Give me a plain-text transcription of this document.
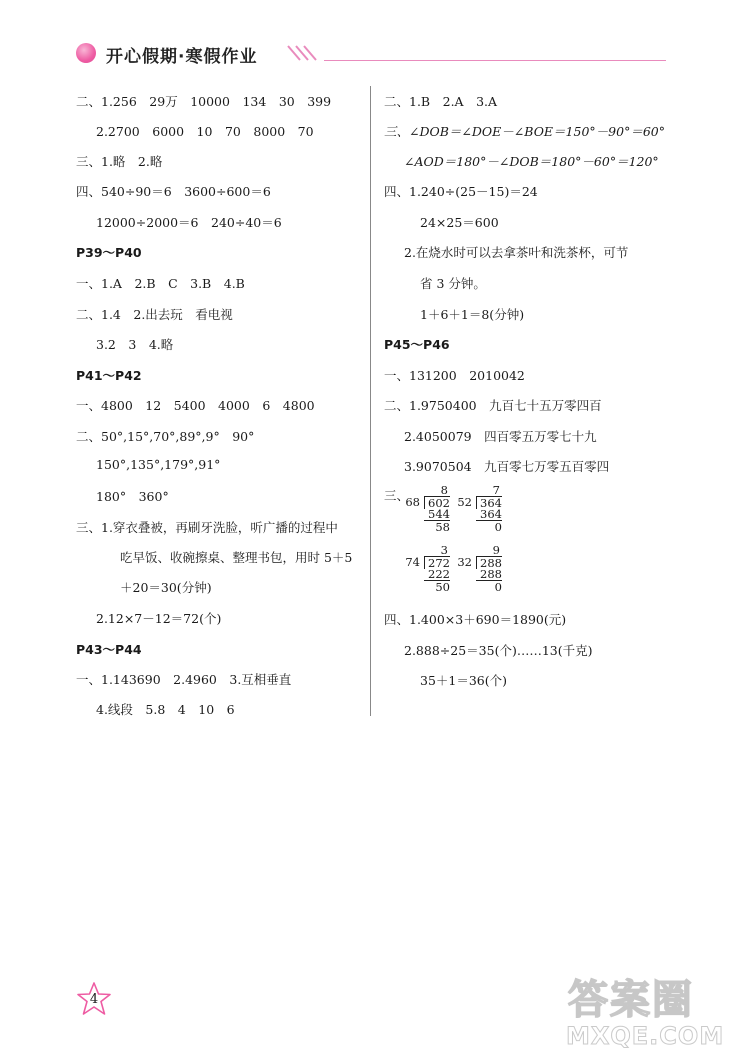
开心假期·寒假作业
二、1.256　29万　10000　134　30　399
2.2700　6000　10　70　8000　70
三、1.略　2.略
四、540÷90＝6　3600÷600＝6
12000÷2000＝6　240÷40＝6
P39～P40
一、1.A　2.B　C　3.B　4.B
二、1.4　2.出去玩　看电视
3.2　3　4.略
P41～P42
一、4800　12　5400　4000　6　4800
二、50°,15°,70°,89°,9°　90°
150°,135°,179°,91°
180°　360°
三、1.穿衣叠被，再刷牙洗脸，听广播的过程中
吃早饭、收碗擦桌、整理书包，用时 5＋5
＋20＝30(分钟)
2.12×7－12＝72(个)
P43～P44
一、1.143690　2.4960　3.互相垂直
4.线段　5.8　4　10　6
二、1.B　2.A　3.A
三、∠DOB＝∠DOE－∠BOE＝150°－90°＝60°
∠AOD＝180°－∠DOB＝180°－60°＝120°
四、1.240÷(25－15)＝24
24×25＝600
2.在烧水时可以去拿茶叶和洗茶杯，可节
省 3 分钟。
1＋6＋1＝8(分钟)
P45～P46
一、131200　2010042
二、1.9750400　九百七十五万零四百
2.4050079　四百零五万零七十九
3.9070504　九百零七万零五百零四
三、	8
68 602
544
58
7
52 364
364
0
3
74 272
222
50
9
32 288
288
0
四、1.400×3＋690＝1890(元)
2.888÷25＝35(个)……13(千克)
35＋1＝36(个)
4	答案圈
MXQE.COM
